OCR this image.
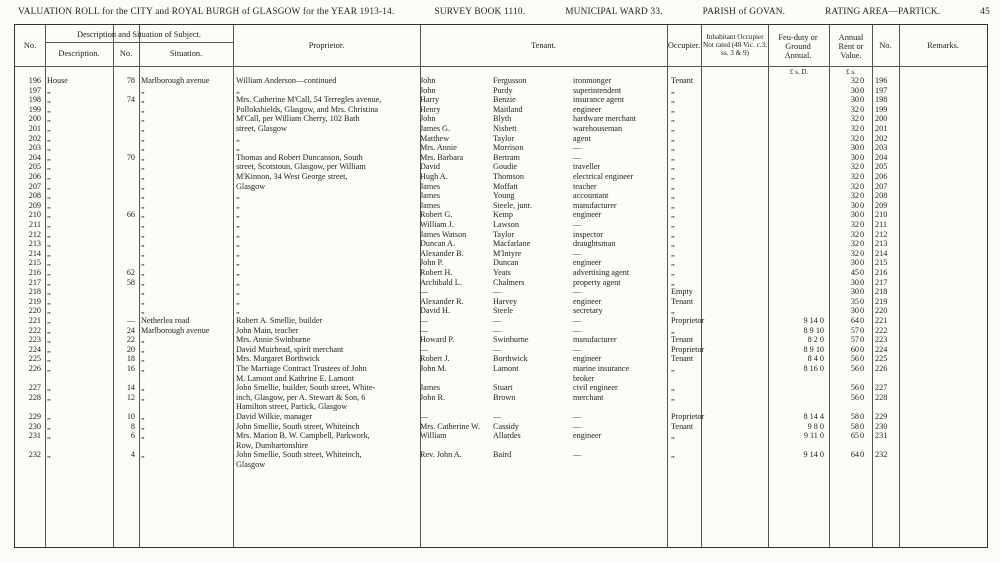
VALUATION ROLL for the CITY and ROYAL BURGH of GLASGOW for the YEAR 1913-14.	SURVEY BOOK 1110.	MUNICIPAL WARD 33.	PARISH of GOVAN.	RATING AREA—PARTICK.	45
No.
Description and Situation of Subject.
Description.	No.	Situation.
Proprietor.	Tenant.	Occupier.
Inhabitant Occupier Not rated (48 Vic. c.3, ss. 3 & 9)
Feu-duty or Ground Annual.
£ s. D.
Annual Rent or Value.
£ s.
No.	Remarks.
196 House	78 Marlborough avenue	William Anderson—continued	John	Fergusson	ironmonger	Tenant	32 0	196
197 „	„	„	John	Purdy	superintendent	„	30 0	197
198 „	74 „	Mrs. Catherine M'Call, 54 Terregles avenue,	Harry	Benzie	insurance agent	„	30 0	198
199 „	„	Pollokshields, Glasgow, and Mrs. Christina	Henry	Maitland	engineer	„	32 0	199
200 „	„	M'Call, per William Cherry, 102 Bath	John	Blyth	hardware merchant	„	32 0	200
201 „	„	street, Glasgow	James G.	Nisbett	warehouseman	„	32 0	201
202 „	„	„	Matthew	Taylor	agent	„	32 0	202
203 „	„	„	Mrs. Annie	Morrison	—	„	30 0	203
204 „	70 „	Thomas and Robert Duncanson, South	Mrs. Barbara	Bertram	—	„	30 0	204
205 „	„	street, Scotstoun, Glasgow, per William	David	Goudie	traveller	„	32 0	205
206 „	„	M'Kinnon, 34 West George street,	Hugh A.	Thomson	electrical engineer	„	32 0	206
207 „	„	Glasgow	James	Moffatt	teacher	„	32 0	207
208 „	„	„	James	Young	accountant	„	32 0	208
209 „	„	„	James	Steele, junr.	manufacturer	„	30 0	209
210 „	66 „	„	Robert G.	Kemp	engineer	„	30 0	210
211 „	„	„	William J.	Lawson	—	„	32 0	211
212 „	„	„	James Watson	Taylor	inspector	„	32 0	212
213 „	„	„	Duncan A.	Macfarlane	draughtsman	„	32 0	213
214 „	„	„	Alexander B.	M'Intyre	—	„	32 0	214
215 „	„	„	John P.	Duncan	engineer	„	30 0	215
216 „	62 „	„	Robert H.	Yeats	advertising agent	„	45 0	216
217 „	58 „	„	Archibald L.	Chalmers	property agent	„	30 0	217
218 „	„	„	—	—	—	Empty	30 0	218
219 „	„	„	Alexander R.	Harvey	engineer	Tenant	35 0	219
220 „	„	„	David H.	Steele	secretary	„	30 0	220
221 „	— Netherlea road	Robert A. Smellie, builder	—	—	—	Proprietor	9 14 0	64 0	221
222 „	24 Marlborough avenue	John Main, teacher	—	—	—	„	8 9 10	57 0	222
223 „	22 „	Mrs. Annie Swinburne	Howard P.	Swinburne	manufacturer	Tenant	8 2 0	57 0	223
224 „	20 „	David Muirhead, spirit merchant	—	—	—	Proprietor	8 9 10	60 0	224
225 „	18 „	Mrs. Margaret Borthwick	Robert J.	Borthwick	engineer	Tenant	8 4 0	56 0	225
226 „	16 „	The Marriage Contract Trustees of John	John M.	Lamont	marine insurance	„	8 16 0	56 0	226
M. Lamont and Kathrine E. Lamont	broker
227 „	14 „	John Smellie, builder, South street, White-	James	Stuart	civil engineer	„	56 0	227
228 „	12 „	inch, Glasgow, per A. Stewart & Son, 6	John R.	Brown	merchant	„	56 0	228
Hamilton street, Partick, Glasgow
229 „	10 „	David Wilkie, manager	—	—	—	Proprietor	8 14 4	58 0	229
230 „	8 „	John Smellie, South street, Whiteinch	Mrs. Catherine W.	Cassidy	—	Tenant	9 8 0	58 0	230
231 „	6 „	Mrs. Marion B. W. Campbell, Parkwork,	William	Allardes	engineer	„	9 11 0	65 0	231
Row, Dumbartonshire
232 „	4 „	John Smellie, South street, Whiteinch,	Rev. John A.	Baird	—	„	9 14 0	64 0	232
Glasgow
